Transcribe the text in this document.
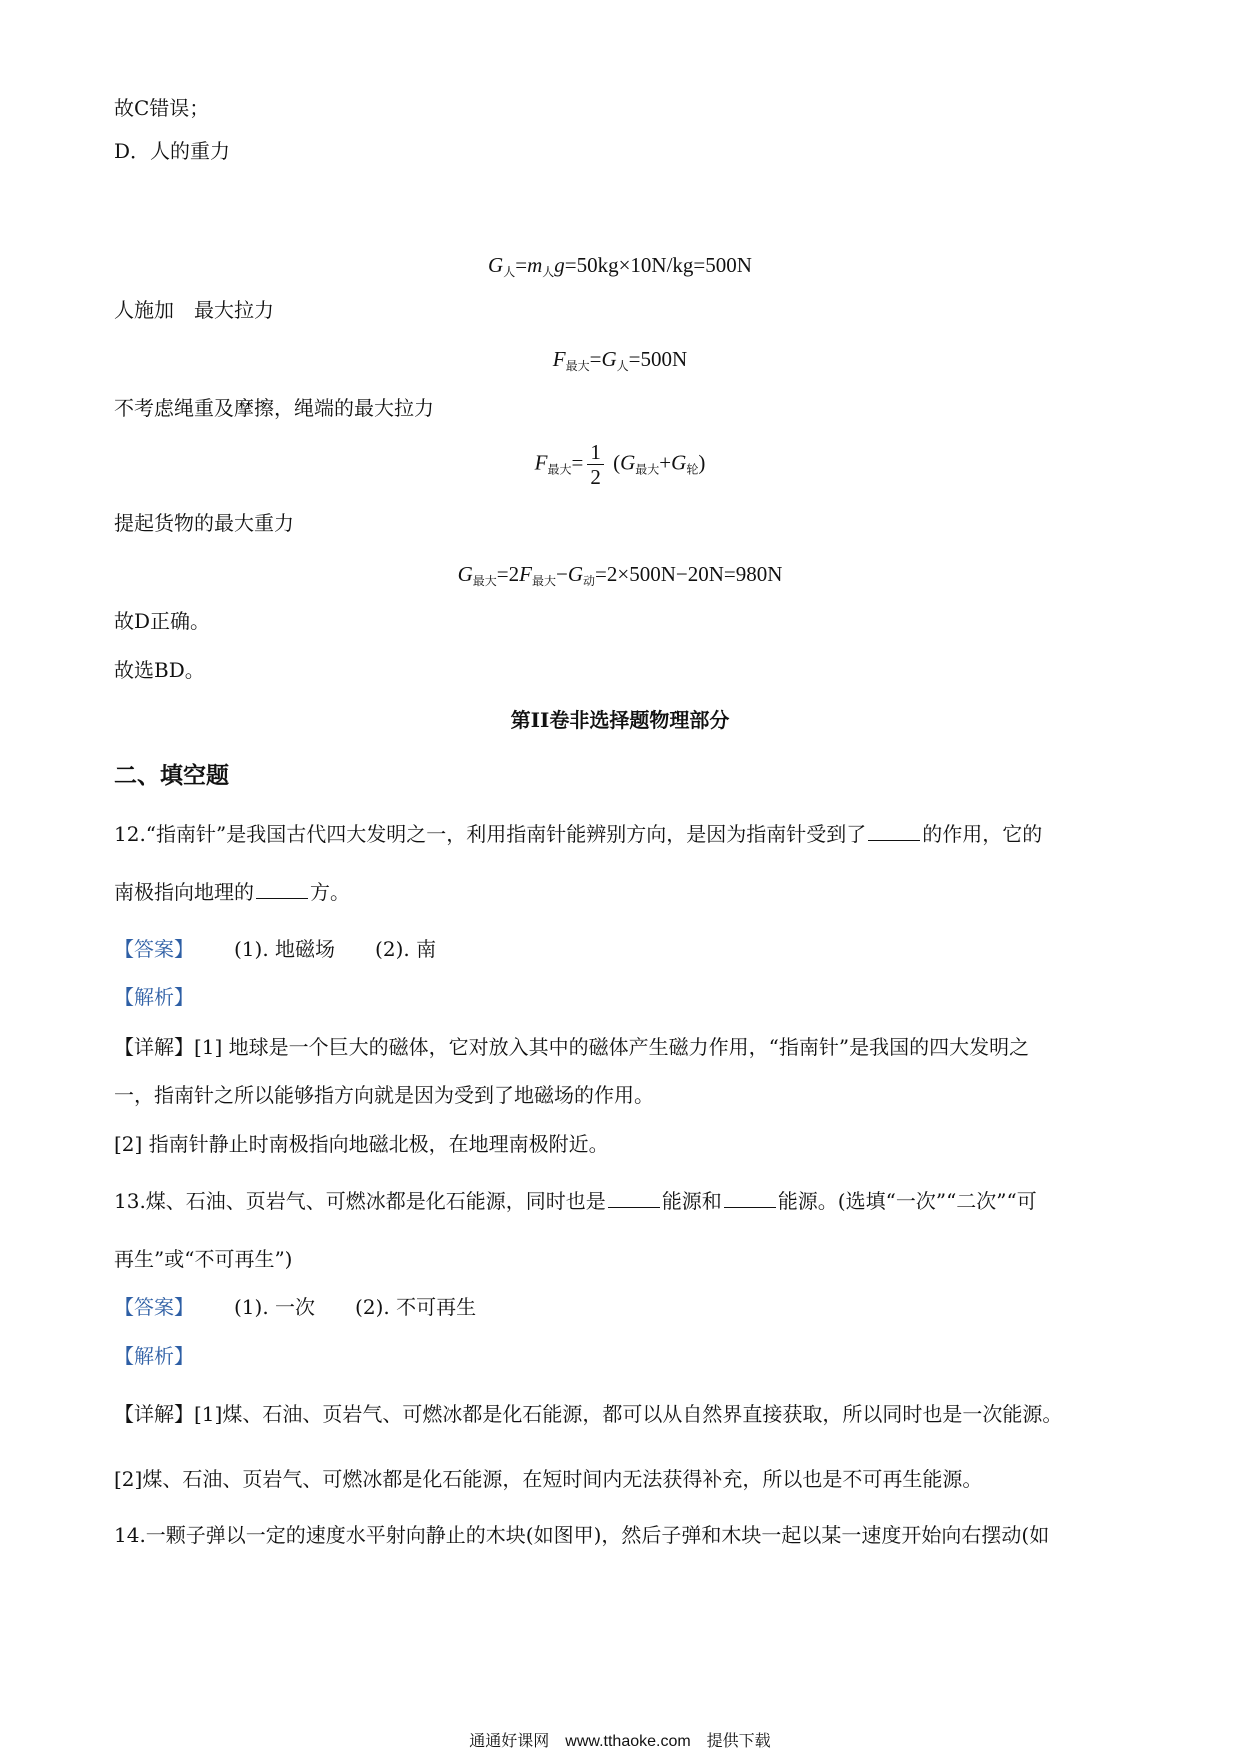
故C错误；
D．人的重力
$G_人=m_人g=50kg\times 10N/kg=500N$
人施加　最大拉力
$F_{最大}=G_人=500N$
不考虑绳重及摩擦，绳端的最大拉力
$F_{最大}= \frac{1}{2} (G_{最大}+G_轮)$
提起货物的最大重力
$G_{最大}=2F_{最大}-G_动=2\times 500N-20N=980N$
故D正确。
故选BD。
第II卷非选择题物理部分
二、填空题
12.“指南针”是我国古代四大发明之一，利用指南针能辨别方向，是因为指南针受到了	的作用，它的
南极指向地理的	方。
【答案】 (1). 地磁场 (2). 南
【解析】
【详解】[1] 地球是一个巨大的磁体，它对放入其中的磁体产生磁力作用，“指南针”是我国的四大发明之
一，指南针之所以能够指方向就是因为受到了地磁场的作用。
[2] 指南针静止时南极指向地磁北极，在地理南极附近。
13.煤、石油、页岩气、可燃冰都是化石能源，同时也是	能源和	能源。(选填“一次”“二次”“可
再生”或“不可再生”)
【答案】 (1). 一次 (2). 不可再生
【解析】
【详解】[1]煤、石油、页岩气、可燃冰都是化石能源，都可以从自然界直接获取，所以同时也是一次能源。
[2]煤、石油、页岩气、可燃冰都是化石能源，在短时间内无法获得补充，所以也是不可再生能源。
14.一颗子弹以一定的速度水平射向静止的木块(如图甲)，然后子弹和木块一起以某一速度开始向右摆动(如
通通好课网　www.tthaoke.com　提供下载
